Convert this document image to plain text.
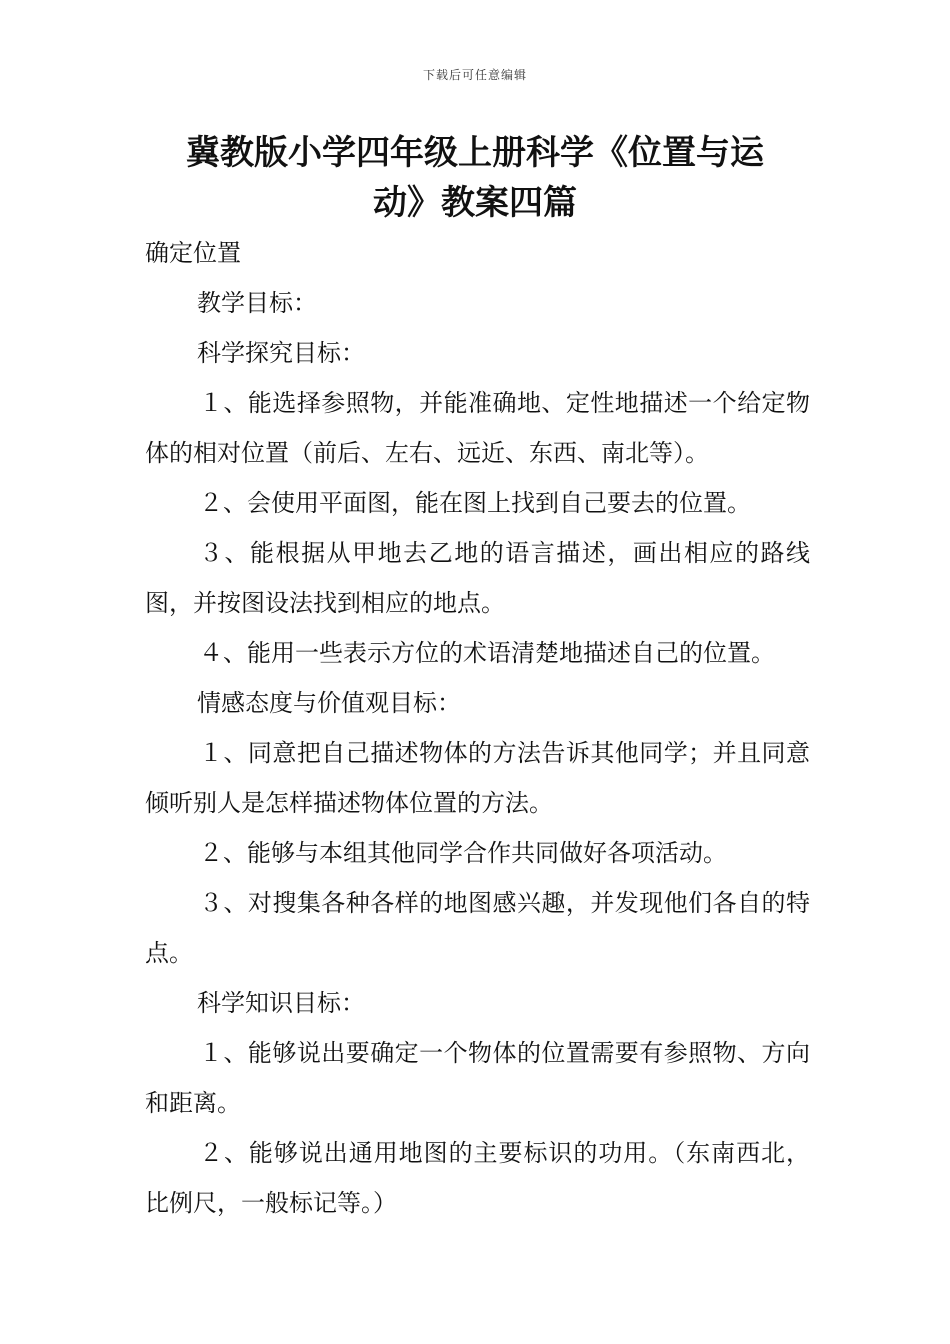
下载后可任意编辑
冀教版小学四年级上册科学《位置与运
动》教案四篇

确定位置

教学目标：

科学探究目标：

１、能选择参照物，并能准确地、定性地描述一个给定物体的相对位置（前后、左右、远近、东西、南北等）。

２、会使用平面图，能在图上找到自己要去的位置。

３、能根据从甲地去乙地的语言描述，画出相应的路线图，并按图设法找到相应的地点。

４、能用一些表示方位的术语清楚地描述自己的位置。

情感态度与价值观目标：

１、同意把自己描述物体的方法告诉其他同学；并且同意倾听别人是怎样描述物体位置的方法。

２、能够与本组其他同学合作共同做好各项活动。

３、对搜集各种各样的地图感兴趣，并发现他们各自的特点。

科学知识目标：

１、能够说出要确定一个物体的位置需要有参照物、方向和距离。

２、能够说出通用地图的主要标识的功用。（东南西北，比例尺，一般标记等。）
